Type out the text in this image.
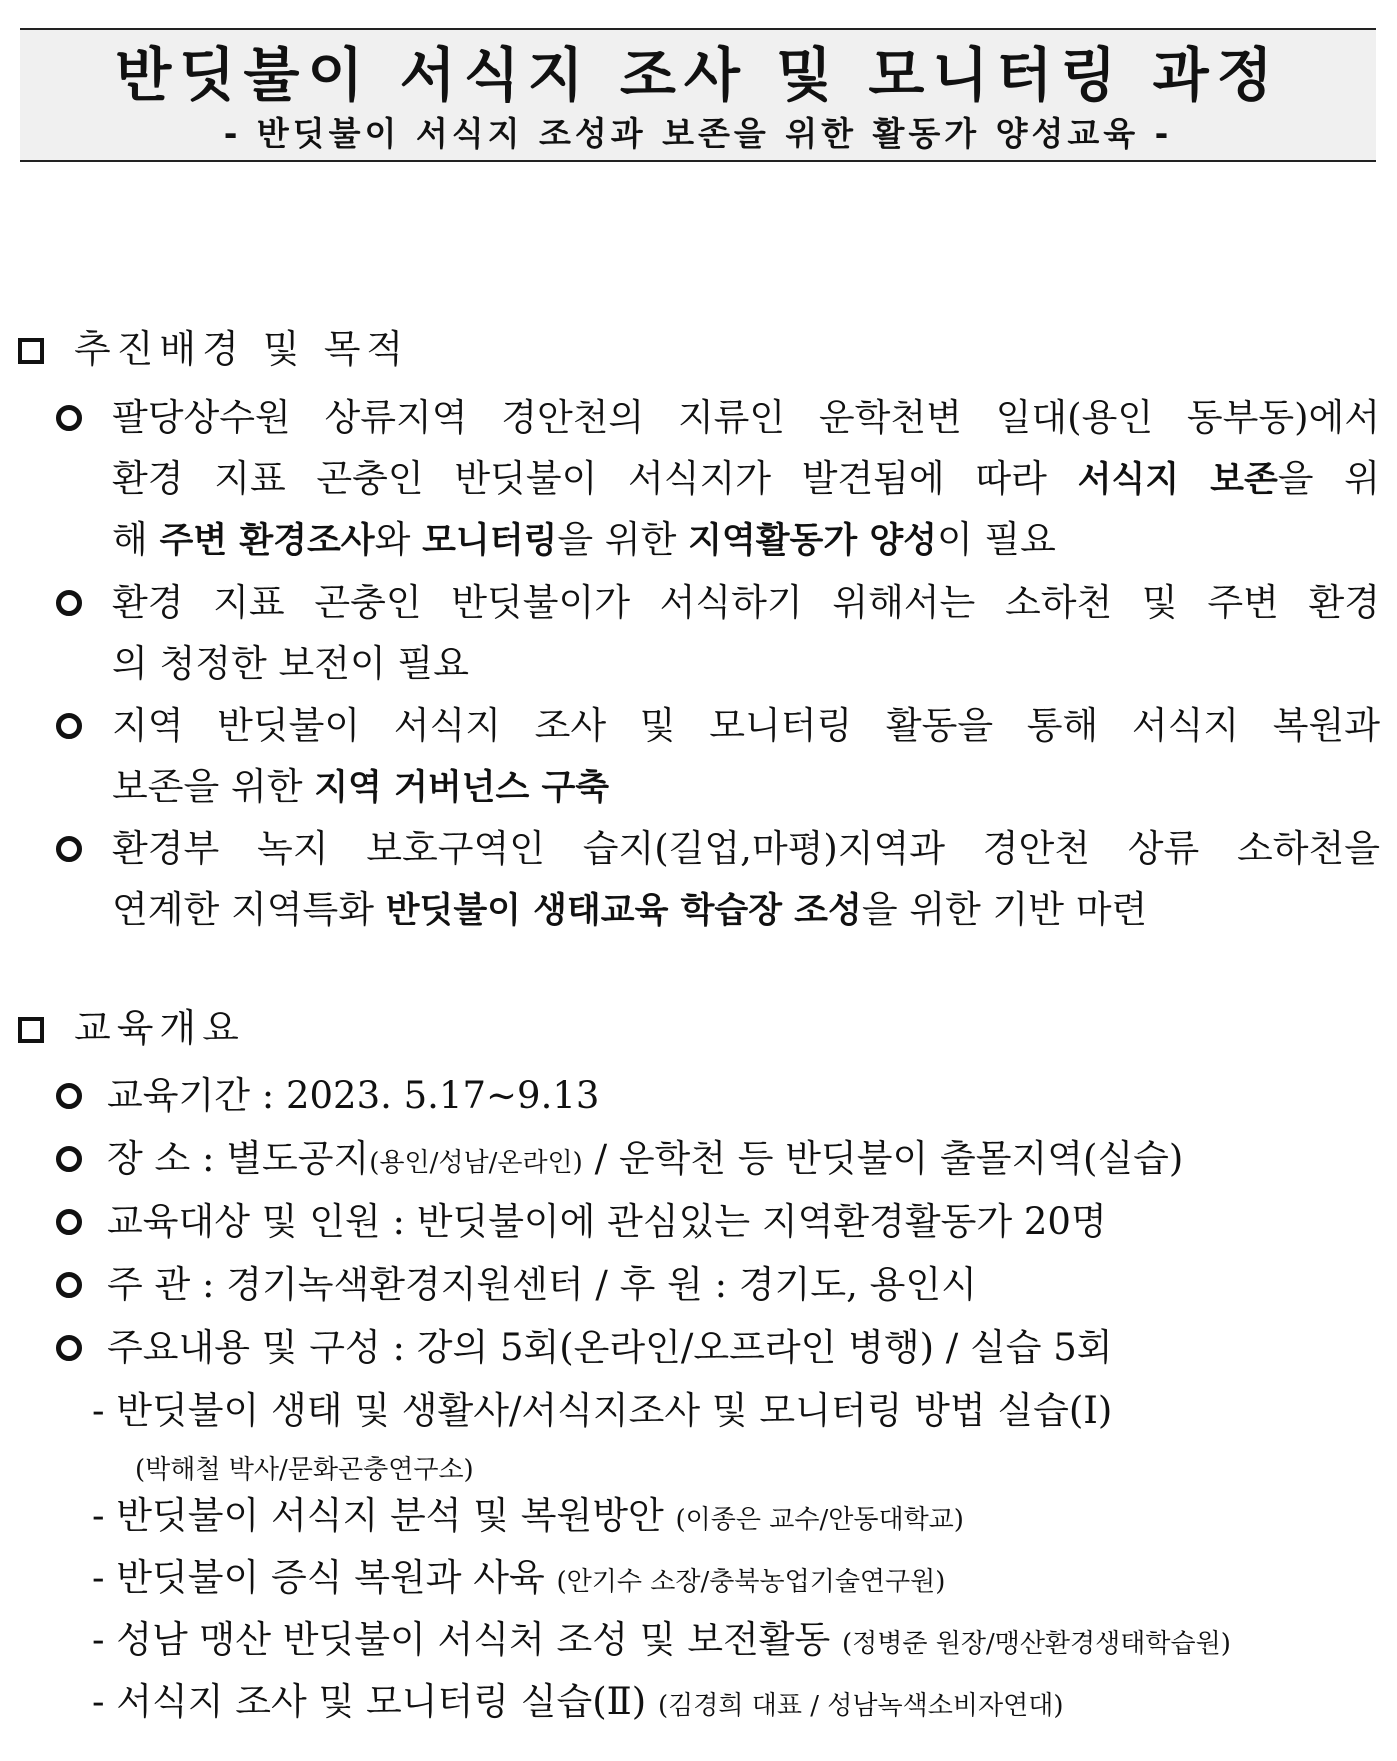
반딧불이 서식지 조사 및 모니터링 과정
- 반딧불이 서식지 조성과 보존을 위한 활동가 양성교육 -
추진배경 및 목적
팔당상수원 상류지역 경안천의 지류인 운학천변 일대(용인 동부동)에서
환경 지표 곤충인 반딧불이 서식지가 발견됨에 따라 서식지 보존을 위
해 주변 환경조사와 모니터링을 위한 지역활동가 양성이 필요
환경 지표 곤충인 반딧불이가 서식하기 위해서는 소하천 및 주변 환경
의 청정한 보전이 필요
지역 반딧불이 서식지 조사 및 모니터링 활동을 통해 서식지 복원과
보존을 위한 지역 거버넌스 구축
환경부 녹지 보호구역인 습지(길업,마평)지역과 경안천 상류 소하천을
연계한 지역특화 반딧불이 생태교육 학습장 조성을 위한 기반 마련
교육개요
교육기간 : 2023. 5.17∼9.13
장 소 : 별도공지(용인/성남/온라인) / 운학천 등 반딧불이 출몰지역(실습)
교육대상 및 인원 : 반딧불이에 관심있는 지역환경활동가 20명
주 관 : 경기녹색환경지원센터 / 후 원 : 경기도, 용인시
주요내용 및 구성 : 강의 5회(온라인/오프라인 병행) / 실습 5회
- 반딧불이 생태 및 생활사/서식지조사 및 모니터링 방법 실습(Ⅰ)
(박해철 박사/문화곤충연구소)
- 반딧불이 서식지 분석 및 복원방안 (이종은 교수/안동대학교)
- 반딧불이 증식 복원과 사육 (안기수 소장/충북농업기술연구원)
- 성남 맹산 반딧불이 서식처 조성 및 보전활동 (정병준 원장/맹산환경생태학습원)
- 서식지 조사 및 모니터링 실습(Ⅱ) (김경희 대표 / 성남녹색소비자연대)
